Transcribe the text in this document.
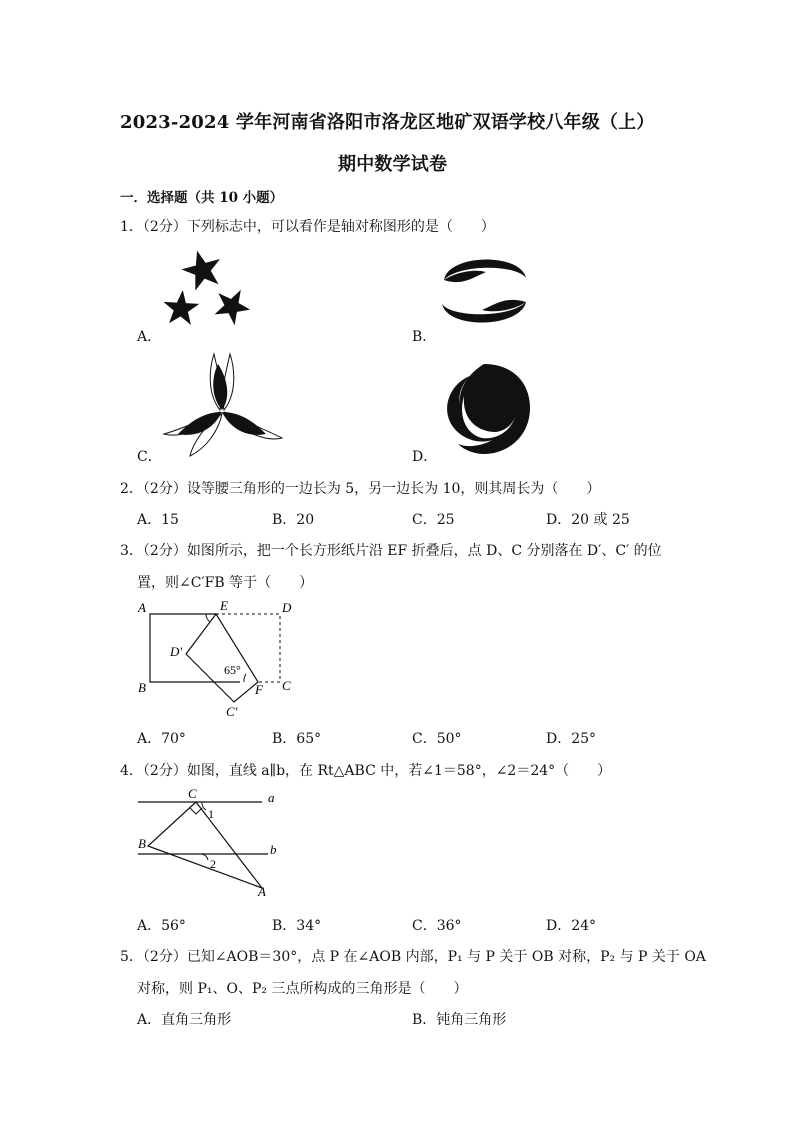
2023-2024 学年河南省洛阳市洛龙区地矿双语学校八年级（上）
期中数学试卷
一．选择题（共 10 小题）
1．（2分）下列标志中，可以看作是轴对称图形的是（　　）
A．	B．
C．	D．
2．（2分）设等腰三角形的一边长为 5，另一边长为 10，则其周长为（　　）
A．15	B．20	C．25	D．20 或 25
3．（2分）如图所示，把一个长方形纸片沿 EF 折叠后，点 D、C 分别落在 D′、C′ 的位
置，则∠C′FB 等于（　　）
A	E	D
D′
65°
B	F C
C′
A．70°	B．65°	C．50°	D．25°
4．（2分）如图，直线 a∥b，在 Rt△ABC 中，若∠1＝58°，∠2＝24°（　　）
C	a
1
B	b
2
A
A．56°	B．34°	C．36°	D．24°
5．（2分）已知∠AOB＝30°，点 P 在∠AOB 内部，P₁ 与 P 关于 OB 对称，P₂ 与 P 关于 OA
对称，则 P₁、O、P₂ 三点所构成的三角形是（　　）
A．直角三角形	B．钝角三角形
